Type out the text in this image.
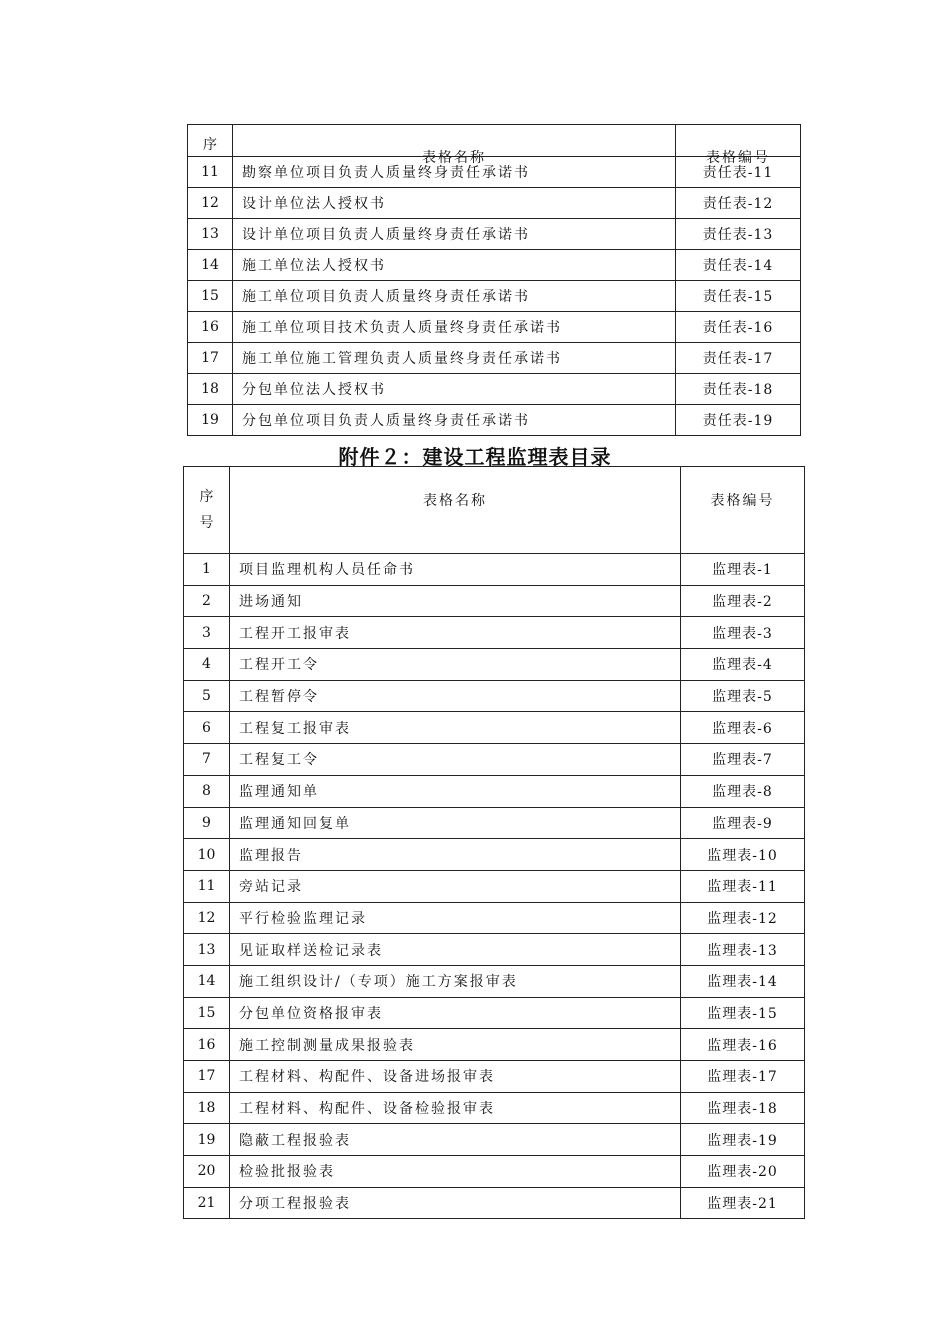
序	表格名称	表格编号

11	勘察单位项目负责人质量终身责任承诺书	责任表-11
12	设计单位法人授权书	责任表-12
13	设计单位项目负责人质量终身责任承诺书	责任表-13
14	施工单位法人授权书	责任表-14
15	施工单位项目负责人质量终身责任承诺书	责任表-15
16	施工单位项目技术负责人质量终身责任承诺书	责任表-16
17	施工单位施工管理负责人质量终身责任承诺书	责任表-17
18	分包单位法人授权书	责任表-18
19	分包单位项目负责人质量终身责任承诺书	责任表-19
附件２：建设工程监理表目录
序
号	表格名称	表格编号
1	项目监理机构人员任命书	监理表-1
2	进场通知	监理表-2
3	工程开工报审表	监理表-3
4	工程开工令	监理表-4
5	工程暂停令	监理表-5
6	工程复工报审表	监理表-6
7	工程复工令	监理表-7
8	监理通知单	监理表-8
9	监理通知回复单	监理表-9
10	监理报告	监理表-10
11	旁站记录	监理表-11
12	平行检验监理记录	监理表-12
13	见证取样送检记录表	监理表-13
14	施工组织设计/（专项）施工方案报审表	监理表-14
15	分包单位资格报审表	监理表-15
16	施工控制测量成果报验表	监理表-16
17	工程材料、构配件、设备进场报审表	监理表-17
18	工程材料、构配件、设备检验报审表	监理表-18
19	隐蔽工程报验表	监理表-19
20	检验批报验表	监理表-20
21	分项工程报验表	监理表-21
